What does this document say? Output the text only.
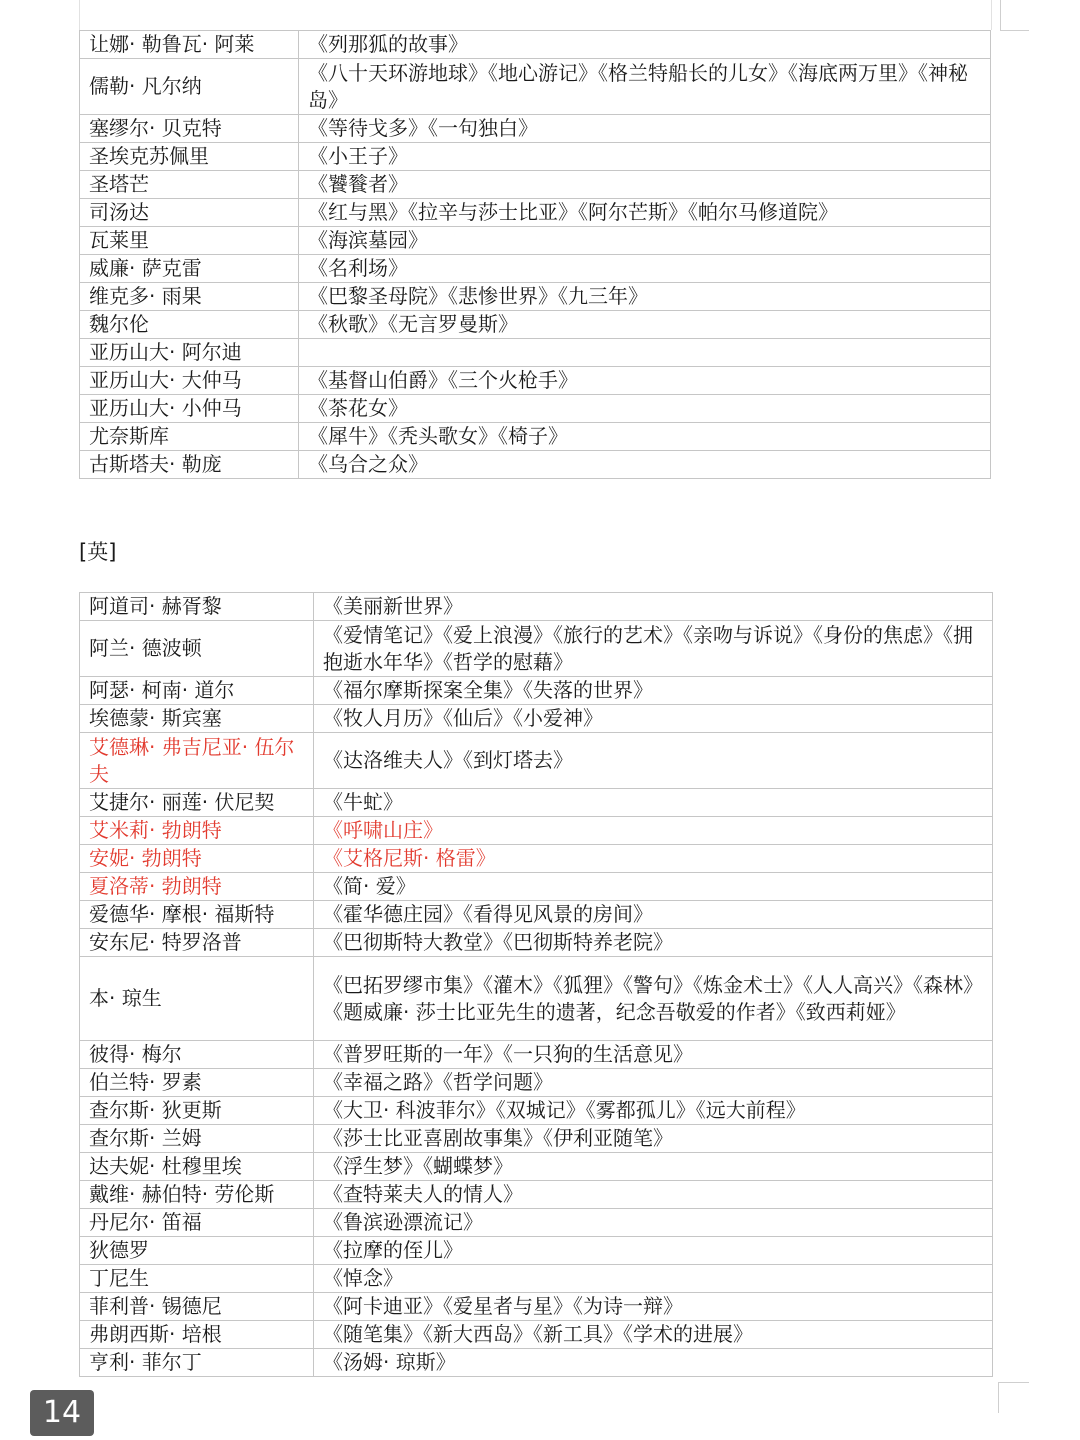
让娜· 勒鲁瓦· 阿莱	《列那狐的故事》
儒勒· 凡尔纳	《八十天环游地球》《地心游记》《格兰特船长的儿女》《海底两万里》《神秘岛》
塞缪尔· 贝克特	《等待戈多》《一句独白》
圣埃克苏佩里	《小王子》
圣塔芒	《饕餮者》
司汤达	《红与黑》《拉辛与莎士比亚》《阿尔芒斯》《帕尔马修道院》
瓦莱里	《海滨墓园》
威廉· 萨克雷	《名利场》
维克多· 雨果	《巴黎圣母院》《悲惨世界》《九三年》
魏尔伦	《秋歌》《无言罗曼斯》
亚历山大· 阿尔迪	
亚历山大· 大仲马	《基督山伯爵》《三个火枪手》
亚历山大· 小仲马	《茶花女》
尤奈斯库	《犀牛》《秃头歌女》《椅子》
古斯塔夫· 勒庞	《乌合之众》
[英]
阿道司· 赫胥黎	《美丽新世界》
阿兰· 德波顿	《爱情笔记》《爱上浪漫》《旅行的艺术》《亲吻与诉说》《身份的焦虑》《拥抱逝水年华》《哲学的慰藉》
阿瑟· 柯南· 道尔	《福尔摩斯探案全集》《失落的世界》
埃德蒙· 斯宾塞	《牧人月历》《仙后》《小爱神》
艾德琳· 弗吉尼亚· 伍尔夫	《达洛维夫人》《到灯塔去》
艾捷尔· 丽莲· 伏尼契	《牛虻》
艾米莉· 勃朗特	《呼啸山庄》
安妮· 勃朗特	《艾格尼斯· 格雷》
夏洛蒂· 勃朗特	《简· 爱》
爱德华· 摩根· 福斯特	《霍华德庄园》《看得见风景的房间》
安东尼· 特罗洛普	《巴彻斯特大教堂》《巴彻斯特养老院》
本· 琼生	《巴拓罗缪市集》《灌木》《狐狸》《警句》《炼金术士》《人人高兴》《森林》《题威廉· 莎士比亚先生的遗著，纪念吾敬爱的作者》《致西莉娅》
彼得· 梅尔	《普罗旺斯的一年》《一只狗的生活意见》
伯兰特· 罗素	《幸福之路》《哲学问题》
查尔斯· 狄更斯	《大卫· 科波菲尔》《双城记》《雾都孤儿》《远大前程》
查尔斯· 兰姆	《莎士比亚喜剧故事集》《伊利亚随笔》
达夫妮· 杜穆里埃	《浮生梦》《蝴蝶梦》
戴维· 赫伯特· 劳伦斯	《查特莱夫人的情人》
丹尼尔· 笛福	《鲁滨逊漂流记》
狄德罗	《拉摩的侄儿》
丁尼生	《悼念》
菲利普· 锡德尼	《阿卡迪亚》《爱星者与星》《为诗一辩》
弗朗西斯· 培根	《随笔集》《新大西岛》《新工具》《学术的进展》
亨利· 菲尔丁	《汤姆· 琼斯》
14
